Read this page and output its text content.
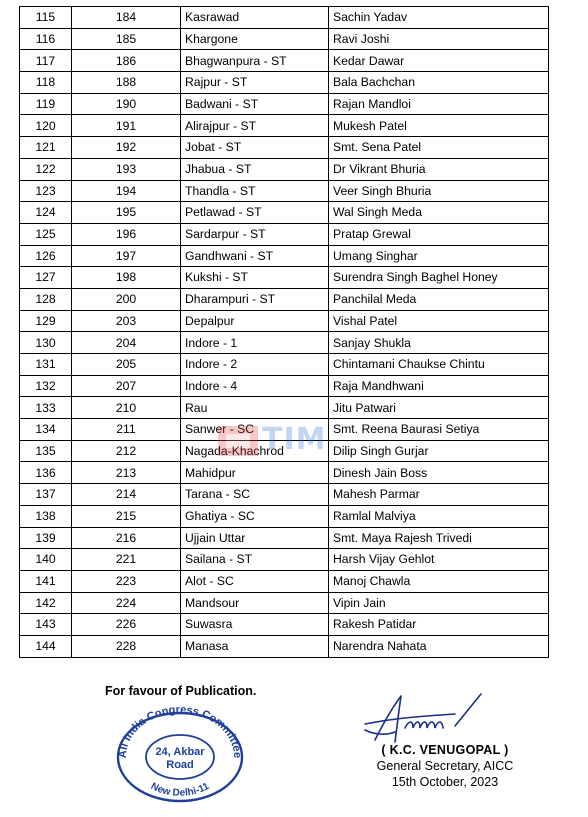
115	184	Kasrawad	Sachin Yadav
116	185	Khargone	Ravi Joshi
117	186	Bhagwanpura - ST	Kedar Dawar
118	188	Rajpur - ST	Bala Bachchan
119	190	Badwani - ST	Rajan Mandloi
120	191	Alirajpur - ST	Mukesh Patel
121	192	Jobat - ST	Smt. Sena Patel
122	193	Jhabua - ST	Dr Vikrant Bhuria
123	194	Thandla - ST	Veer Singh Bhuria
124	195	Petlawad - ST	Wal Singh Meda
125	196	Sardarpur - ST	Pratap Grewal
126	197	Gandhwani - ST	Umang Singhar
127	198	Kukshi - ST	Surendra Singh Baghel Honey
128	200	Dharampuri - ST	Panchilal Meda
129	203	Depalpur	Vishal Patel
130	204	Indore - 1	Sanjay Shukla
131	205	Indore - 2	Chintamani Chaukse Chintu
132	207	Indore - 4	Raja Mandhwani
133	210	Rau	Jitu Patwari
134	211	Sanwer - SC	Smt. Reena Baurasi Setiya
135	212	Nagada-Khachrod	Dilip Singh Gurjar
136	213	Mahidpur	Dinesh Jain Boss
137	214	Tarana - SC	Mahesh Parmar
138	215	Ghatiya - SC	Ramlal Malviya
139	216	Ujjain Uttar	Smt. Maya Rajesh Trivedi
140	221	Sailana - ST	Harsh Vijay Gehlot
141	223	Alot - SC	Manoj Chawla
142	224	Mandsour	Vipin Jain
143	226	Suwasra	Rakesh Patidar
144	228	Manasa	Narendra Nahata
TIM
For favour of Publication.
All India Congress Committee
New Delhi-11
24, Akbar
Road
( K.C. VENUGOPAL )
General Secretary, AICC
15th October, 2023
